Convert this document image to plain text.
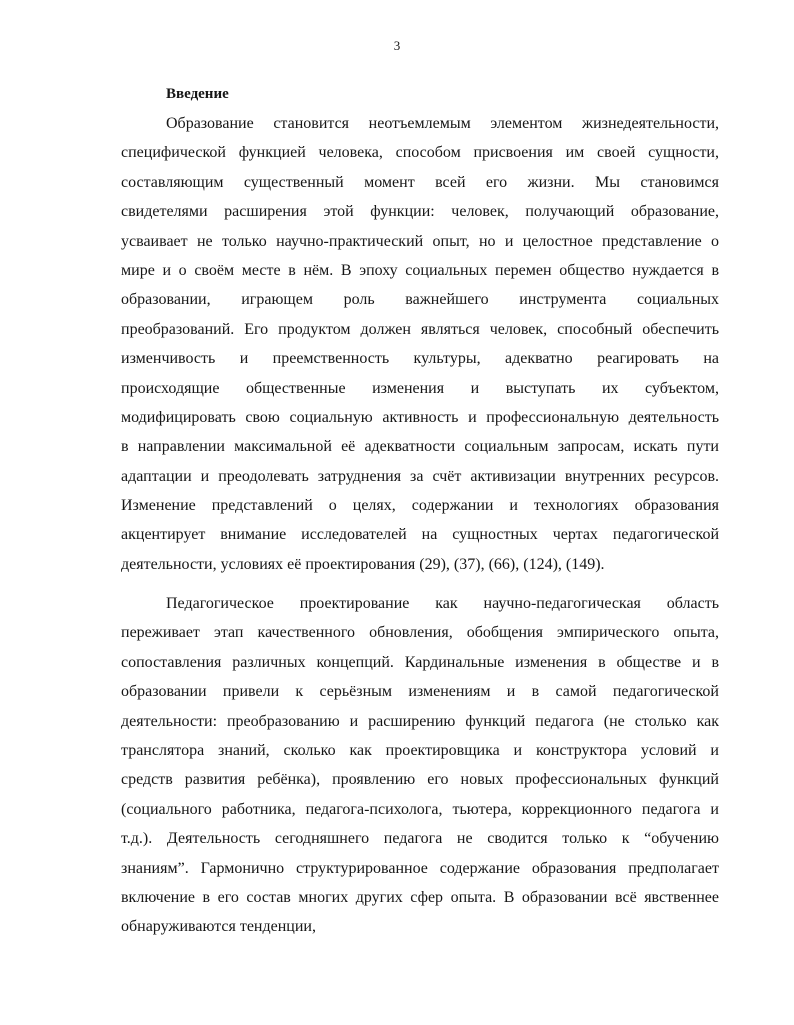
3
Введение
Образование становится неотъемлемым элементом жизнедеятельности,
специфической функцией человека, способом присвоения им своей сущности,
составляющим существенный момент всей его жизни. Мы становимся
свидетелями расширения этой функции: человек, получающий образование,
усваивает не только научно-практический опыт, но и целостное представление о
мире и о своём месте в нём. В эпоху социальных перемен общество нуждается в
образовании, играющем роль важнейшего инструмента социальных
преобразований. Его продуктом должен являться человек, способный обеспечить
изменчивость и преемственность культуры, адекватно реагировать на
происходящие общественные изменения и выступать их субъектом,
модифицировать свою социальную активность и профессиональную деятельность
в направлении максимальной её адекватности социальным запросам, искать пути
адаптации и преодолевать затруднения за счёт активизации внутренних ресурсов.
Изменение представлений о целях, содержании и технологиях образования
акцентирует внимание исследователей на сущностных чертах педагогической
деятельности, условиях её проектирования (29), (37), (66), (124), (149).
Педагогическое проектирование как научно-педагогическая область
переживает этап качественного обновления, обобщения эмпирического опыта,
сопоставления различных концепций. Кардинальные изменения в обществе и в
образовании привели к серьёзным изменениям и в самой педагогической
деятельности: преобразованию и расширению функций педагога (не столько как
транслятора знаний, сколько как проектировщика и конструктора условий и
средств развития ребёнка), проявлению его новых профессиональных функций
(социального работника, педагога-психолога, тьютера, коррекционного педагога и
т.д.). Деятельность сегодняшнего педагога не сводится только к “обучению
знаниям”. Гармонично структурированное содержание образования предполагает
включение в его состав многих других сфер опыта. В образовании всё явственнее
обнаруживаются тенденции,
